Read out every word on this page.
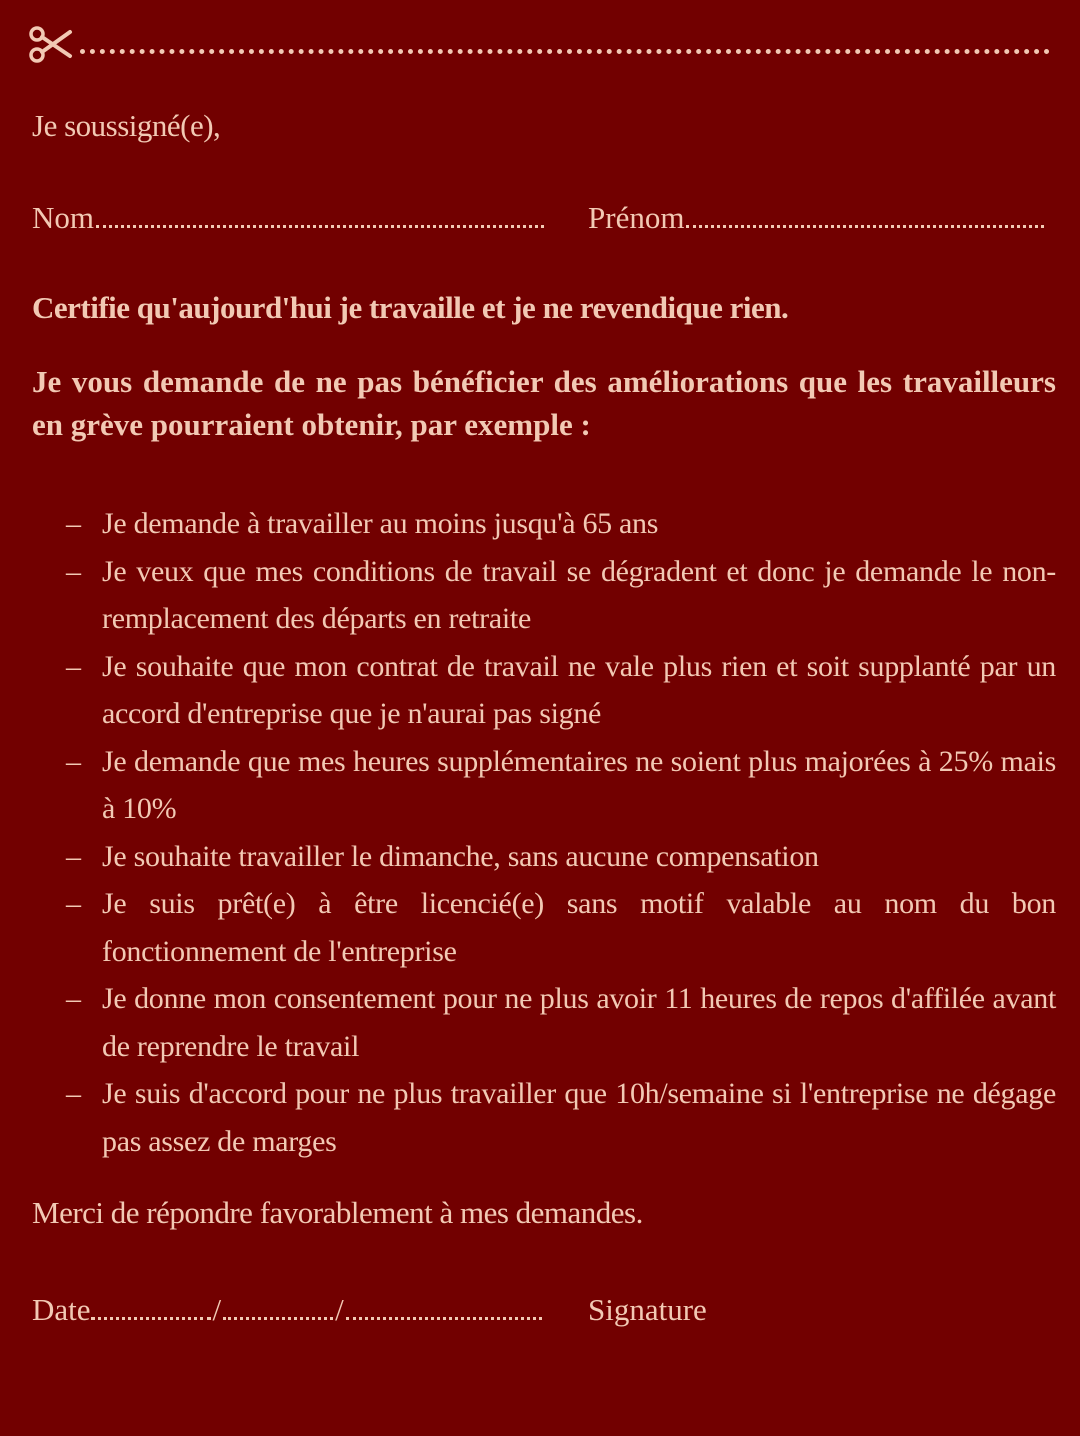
Je soussigné(e),
Nom	Prénom
Certifie qu'aujourd'hui je travaille et je ne revendique rien.
Je vous demande de ne pas bénéficier des améliorations que les travailleurs en grève pourraient obtenir, par exemple :
– Je demande à travailler au moins jusqu'à 65 ans
– Je veux que mes conditions de travail se dégradent et donc je demande le non-remplacement des départs en retraite
– Je souhaite que mon contrat de travail ne vale plus rien et soit supplanté par un accord d'entreprise que je n'aurai pas signé
– Je demande que mes heures supplémentaires ne soient plus majorées à 25% mais à 10%
– Je souhaite travailler le dimanche, sans aucune compensation
– Je suis prêt(e) à être licencié(e) sans motif valable au nom du bon fonctionnement de l'entreprise
– Je donne mon consentement pour ne plus avoir 11 heures de repos d'affilée avant de reprendre le travail
– Je suis d'accord pour ne plus travailler que 10h/semaine si l'entreprise ne dégage pas assez de marges
Merci de répondre favorablement à mes demandes.
Date	/	/	Signature
